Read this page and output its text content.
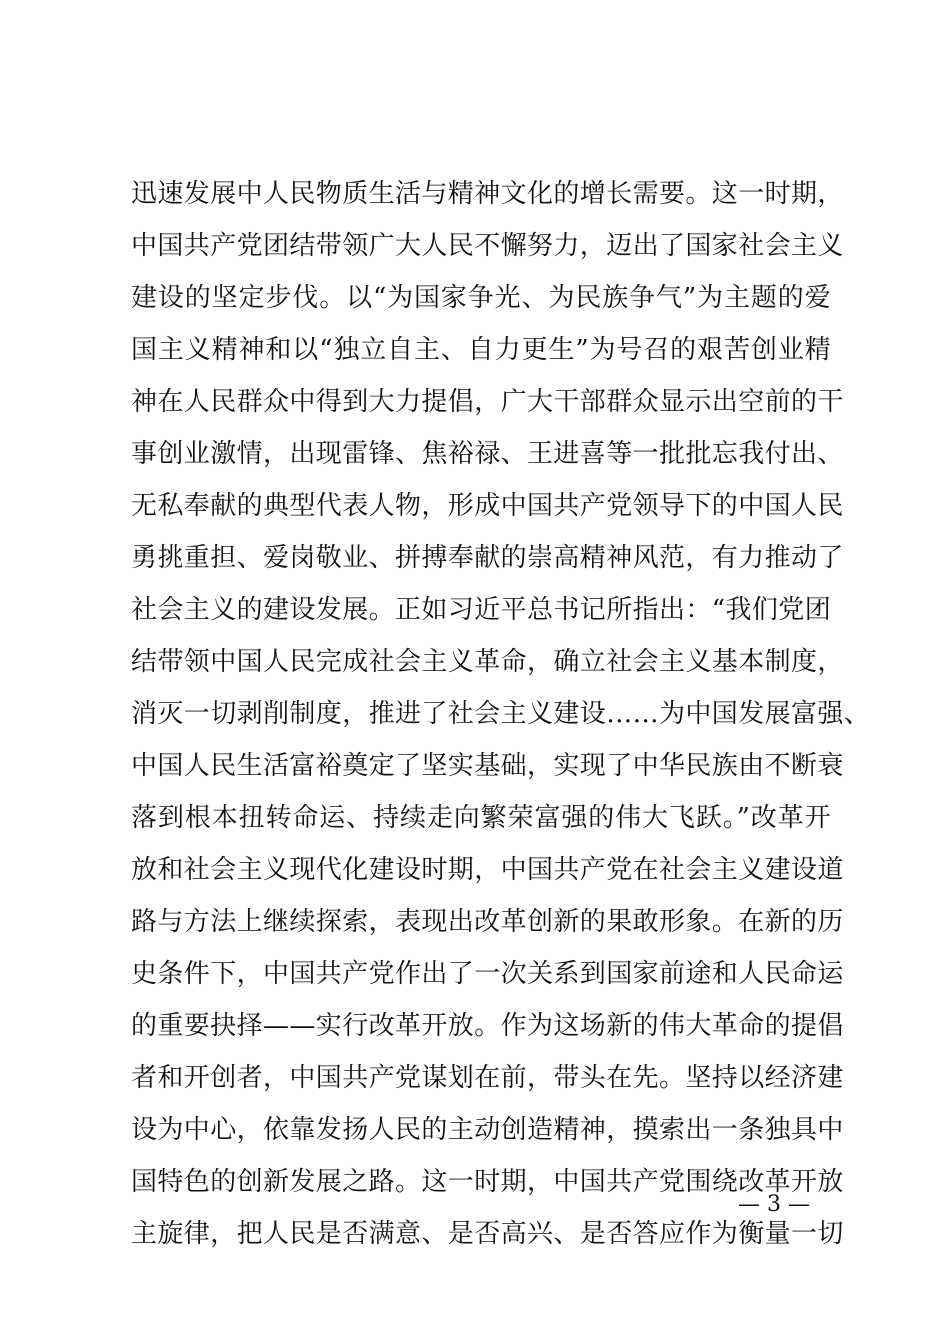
迅速发展中人民物质生活与精神文化的增长需要。这一时期，
中国共产党团结带领广大人民不懈努力，迈出了国家社会主义
建设的坚定步伐。以“为国家争光、为民族争气”为主题的爱
国主义精神和以“独立自主、自力更生”为号召的艰苦创业精
神在人民群众中得到大力提倡，广大干部群众显示出空前的干
事创业激情，出现雷锋、焦裕禄、王进喜等一批批忘我付出、
无私奉献的典型代表人物，形成中国共产党领导下的中国人民
勇挑重担、爱岗敬业、拼搏奉献的崇高精神风范，有力推动了
社会主义的建设发展。正如习近平总书记所指出：“我们党团
结带领中国人民完成社会主义革命，确立社会主义基本制度，
消灭一切剥削制度，推进了社会主义建设……为中国发展富强、
中国人民生活富裕奠定了坚实基础，实现了中华民族由不断衰
落到根本扭转命运、持续走向繁荣富强的伟大飞跃。”改革开
放和社会主义现代化建设时期，中国共产党在社会主义建设道
路与方法上继续探索，表现出改革创新的果敢形象。在新的历
史条件下，中国共产党作出了一次关系到国家前途和人民命运
的重要抉择——实行改革开放。作为这场新的伟大革命的提倡
者和开创者，中国共产党谋划在前，带头在先。坚持以经济建
设为中心，依靠发扬人民的主动创造精神，摸索出一条独具中
国特色的创新发展之路。这一时期，中国共产党围绕改革开放
主旋律，把人民是否满意、是否高兴、是否答应作为衡量一切
— 3 —
